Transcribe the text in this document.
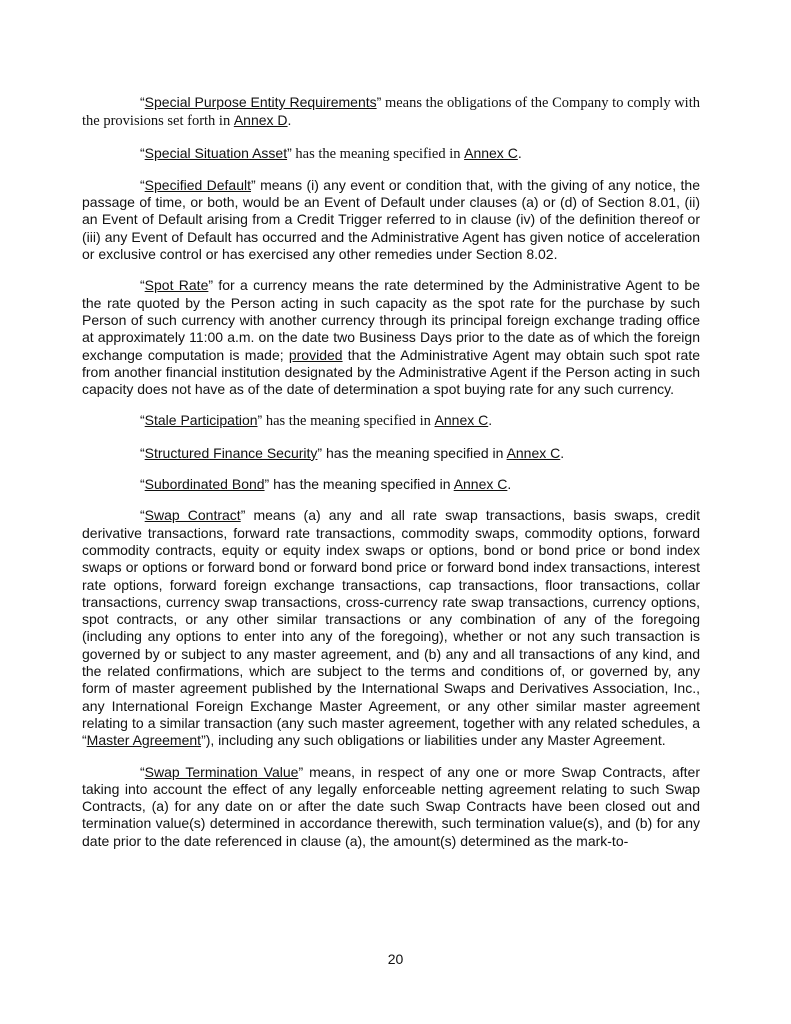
“Special Purpose Entity Requirements” means the obligations of the Company to comply with the provisions set forth in Annex D.

“Special Situation Asset” has the meaning specified in Annex C.

“Specified Default” means (i) any event or condition that, with the giving of any notice, the passage of time, or both, would be an Event of Default under clauses (a) or (d) of Section 8.01, (ii) an Event of Default arising from a Credit Trigger referred to in clause (iv) of the definition thereof or (iii) any Event of Default has occurred and the Administrative Agent has given notice of acceleration or exclusive control or has exercised any other remedies under Section 8.02.

“Spot Rate” for a currency means the rate determined by the Administrative Agent to be the rate quoted by the Person acting in such capacity as the spot rate for the purchase by such Person of such currency with another currency through its principal foreign exchange trading office at approximately 11:00 a.m. on the date two Business Days prior to the date as of which the foreign exchange computation is made; provided that the Administrative Agent may obtain such spot rate from another financial institution designated by the Administrative Agent if the Person acting in such capacity does not have as of the date of determination a spot buying rate for any such currency.

“Stale Participation” has the meaning specified in Annex C.

“Structured Finance Security” has the meaning specified in Annex C.

“Subordinated Bond” has the meaning specified in Annex C.

“Swap Contract” means (a) any and all rate swap transactions, basis swaps, credit derivative transactions, forward rate transactions, commodity swaps, commodity options, forward commodity contracts, equity or equity index swaps or options, bond or bond price or bond index swaps or options or forward bond or forward bond price or forward bond index transactions, interest rate options, forward foreign exchange transactions, cap transactions, floor transactions, collar transactions, currency swap transactions, cross-currency rate swap transactions, currency options, spot contracts, or any other similar transactions or any combination of any of the foregoing (including any options to enter into any of the foregoing), whether or not any such transaction is governed by or subject to any master agreement, and (b) any and all transactions of any kind, and the related confirmations, which are subject to the terms and conditions of, or governed by, any form of master agreement published by the International Swaps and Derivatives Association, Inc., any International Foreign Exchange Master Agreement, or any other similar master agreement relating to a similar transaction (any such master agreement, together with any related schedules, a “Master Agreement”), including any such obligations or liabilities under any Master Agreement.

“Swap Termination Value” means, in respect of any one or more Swap Contracts, after taking into account the effect of any legally enforceable netting agreement relating to such Swap Contracts, (a) for any date on or after the date such Swap Contracts have been closed out and termination value(s) determined in accordance therewith, such termination value(s), and (b) for any date prior to the date referenced in clause (a), the amount(s) determined as the mark-to-

20
